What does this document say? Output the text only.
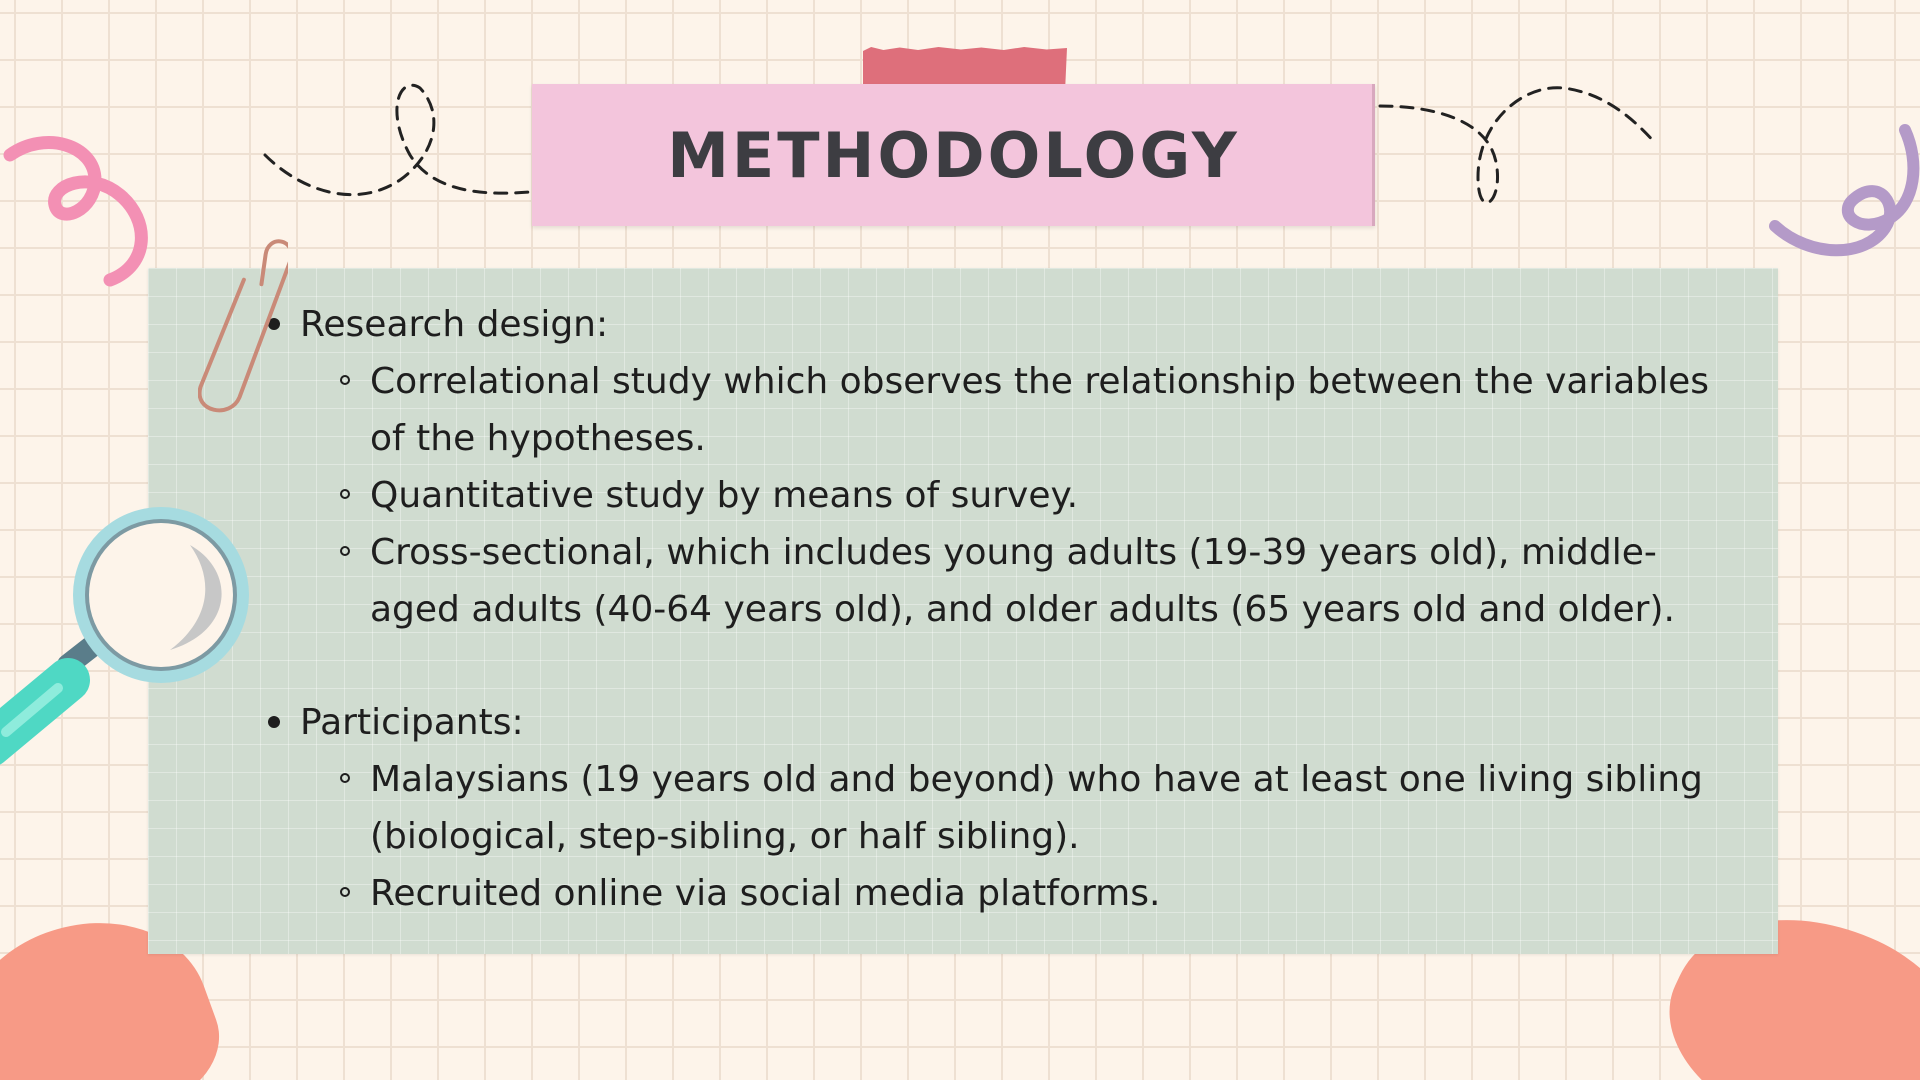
METHODOLOGY
Research design:
Correlational study which observes the relationship between the variables of the hypotheses.
Quantitative study by means of survey.
Cross-sectional, which includes young adults (19-39 years old), middle-aged adults (40-64 years old), and older adults (65 years old and older).
Participants:
Malaysians (19 years old and beyond) who have at least one living sibling (biological, step-sibling, or half sibling).
Recruited online via social media platforms.
